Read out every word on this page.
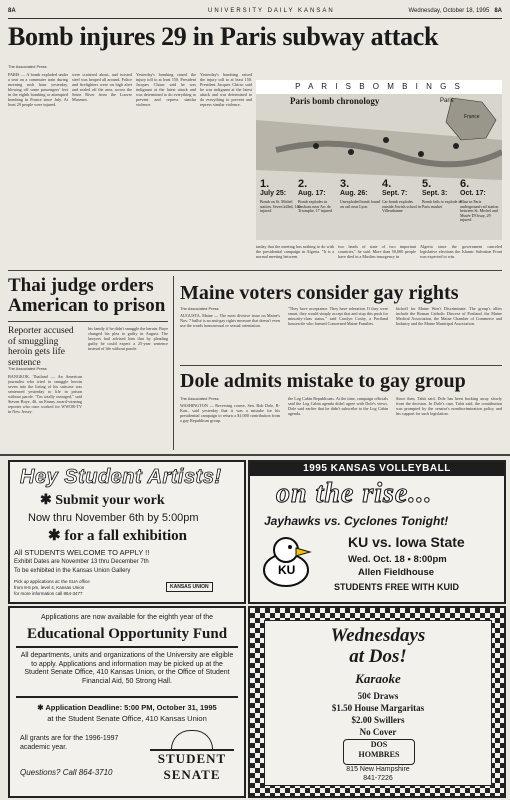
8A	UNIVERSITY DAILY KANSAN	Wednesday, October 18, 1995 8A
Bomb injures 29 in Paris subway attack
The Associated Press
PARIS — A bomb exploded under a seat on a commuter train during morning rush hour yesterday, blowing off some passengers' feet in the eighth bombing or attempted bombing in France since July. At least 29 people were injured.
were scattered about, and twisted steel was heaped all around. Police and firefighters were on high alert and sealed off the area, across the Seine River from the Louvre Museum.
Yesterday's bombing raised the injury toll to at least 150. President Jacques Chirac said he was indignant at the latest attack and was determined to do everything to prevent and repress similar violence.
tarday that the meeting has nothing to do with the presidential campaign in Algeria. "It is a normal meeting between
two heads of state of two important countries," he said. More than 50,000 people have died in a Muslim insurgency in
Algeria since the government canceled legislative elections the Islamic Salvation Front was expected to win.
Yesterday's bombing raised the injury toll to at least 150. President Jacques Chirac said he was indignant at the latest attack and was determined to do everything to prevent and repress similar violence.
P A R I S B O M B I N G S
Paris bomb chronology	Paris
France
1.
July 25:
Bomb on St. Michel station, Seven killed, 140 injured
2.
Aug. 17:
Bomb explodes in trashcan near Arc de Triomphe, 17 injured
3.
Aug. 26:
Unexploded bomb found on rail near Lyon
4.
Sept. 7:
Car bomb explodes outside Jewish school in Villeurbanne
5.
Sept. 3:
Bomb fails to explode in Paris market
6.
Oct. 17:
Blast in Paris underground rail station between St. Michel and Musée D'Orsay, 29 injured
Thai judge orders American to prison
Reporter accused of smuggling heroin gets life sentence
The Associated Press
BANGKOK, Thailand — An American journalist who tried to smuggle heroin seven into the listing of his suitcase was sentenced yesterday to life in prison without parole. "I'm totally outraged," said Steven Boye, 46, an Emmy award-winning reporter who once worked for WWOR-TV in New Jersey.
his family if he didn't smuggle the heroin. Boye changed his plea to guilty in August. The lawyers had advised him that by pleading guilty he could expect a 25-year sentence instead of life without parole.
Maine voters consider gay rights
The Associated Press
AUGUSTA, Maine — The most divisive issue on Maine's Nov. 7 ballot is an anti-gay rights measure that doesn't even use the words homosexual or sexual orientation.
"They have acceptance. They have toleration. If they were smart, they would simply accept that and stop this push for minority-class status," said Carolyn Cosby, a Portland housewife who formed Concerned Maine Families.
kickoff for Maine Won't Discriminate. The group's allies include the Roman Catholic Diocese of Portland, the Maine Medical Association, the Maine Chamber of Commerce and Industry and the Maine Municipal Association.
Dole admits mistake to gay group
The Associated Press
WASHINGTON — Reversing course, Sen. Bob Dole, R-Kan., said yesterday that it was a mistake for his presidential campaign to return a $1,000 contribution from a gay Republican group.
the Log Cabin Republicans. At the time, campaign officials said the Log Cabin agenda didn't agree with Dole's views. Dole said earlier that he didn't subscribe to the Log Cabin agenda.
Since then, Tabit said, Dole has been backing away slowly from the decision. In Dole's case, Tabit said, the contribution was prompted by the senator's nondiscrimination policy and his support for such legislation.
Hey Student Artists!
✱ Submit your work
Now thru November 6th by 5:00pm
✱ for a fall exhibition
All STUDENTS WELCOME TO APPLY !!
Exhibit Dates are November 13 thru December 7th
To be exhibited in the Kansas Union Gallery
Pick up applications at: the SUA office
from 8-5 pm, level 4, Kansas Union
for more information call 864-3477
KANSAS UNION
1995 KANSAS VOLLEYBALL
on the rise...
Jayhawks vs. Cyclones Tonight!
KU
KU vs. Iowa State
Wed. Oct. 18 • 8:00pm
Allen Fieldhouse
STUDENTS FREE WITH KUID
Applications are now available for the eighth year of the
Educational Opportunity Fund
All departments, units and organizations of the University are eligible to apply. Applications and information may be picked up at the Student Senate Office, 410 Kansas Union, or the Office of Student Financial Aid, 50 Strong Hall.
✱ Application Deadline: 5:00 PM, October 31, 1995
at the Student Senate Office, 410 Kansas Union
All grants are for the 1996-1997 academic year.
Questions? Call 864-3710
STUDENT
SENATE
Wednesdays
at Dos!
Karaoke
50¢ Draws
$1.50 House Margaritas
$2.00 Swillers
No Cover
DOS
HOMBRES
815 New Hampshire
841-7226
